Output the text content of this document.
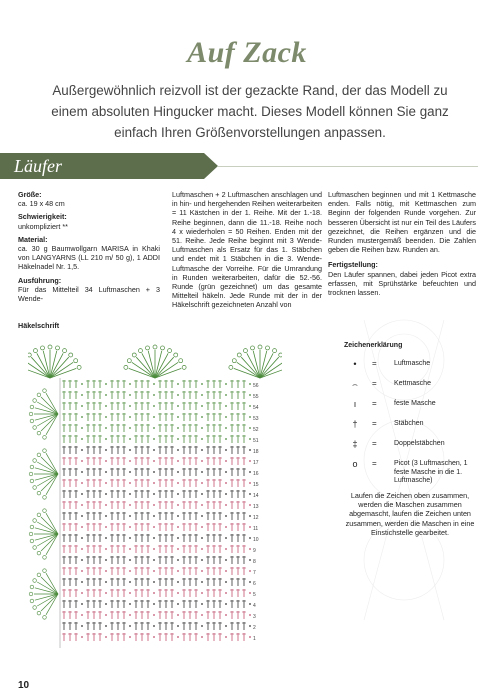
Auf Zack
Außergewöhnlich reizvoll ist der gezackte Rand, der das Modell zu einem absoluten Hingucker macht. Dieses Modell können Sie ganz einfach Ihren Größenvorstellungen anpassen.
Läufer

Größe:
ca. 19 x 48 cm

Schwierigkeit:
unkompliziert **

Material:
ca. 30 g Baumwollgarn MARISA in Khaki von LANGYARNS (LL 210 m/ 50 g), 1 ADDI Häkelnadel Nr. 1,5.

Ausführung:
Für das Mittelteil 34 Luftmaschen + 3 Wende-

Luftmaschen + 2 Luftmaschen anschlagen und in hin- und hergehenden Reihen weiterarbeiten = 11 Kästchen in der 1. Reihe. Mit der 1.-18. Reihe beginnen, dann die 11.-18. Reihe noch 4 x wiederholen = 50 Reihen. Enden mit der 51. Reihe. Jede Reihe beginnt mit 3 Wende-Luftmaschen als Ersatz für das 1. Stäbchen und endet mit 1 Stäbchen in die 3. Wende-Luftmasche der Vorreihe. Für die Umrandung in Runden weiterarbeiten, dafür die 52.-56. Runde (grün gezeichnet) um das gesamte Mittelteil häkeln. Jede Runde mit der in der Häkelschrift gezeichneten Anzahl von

Luftmaschen beginnen und mit 1 Kettmasche enden. Falls nötig, mit Kettmaschen zum Beginn der folgenden Runde vorgehen. Zur besseren Übersicht ist nur ein Teil des Läufers gezeichnet, die Reihen ergänzen und die Runden mustergemäß beenden. Die Zahlen geben die Reihen bzw. Runden an.

Fertigstellung:
Den Läufer spannen, dabei jeden Picot extra erfassen, mit Sprühstärke befeuchten und trocknen lassen.

Häkelschrift
56
55
54
53
52
51
18
17
16
15
14
13
12
11
10
9
8
7
6
5
4
3
2
1
Zeichenerklärung
•	= Luftmasche
⌢	= Kettmasche
ı	= feste Masche
†	= Stäbchen
‡	= Doppelstäbchen
o	= Picot (3 Luftmaschen, 1 feste Masche in die 1. Luftmasche)
Laufen die Zeichen oben zusammen, werden die Maschen zusammen abgemascht, laufen die Zeichen unten zusammen, werden die Maschen in eine Einstichstelle gearbeitet.
10
